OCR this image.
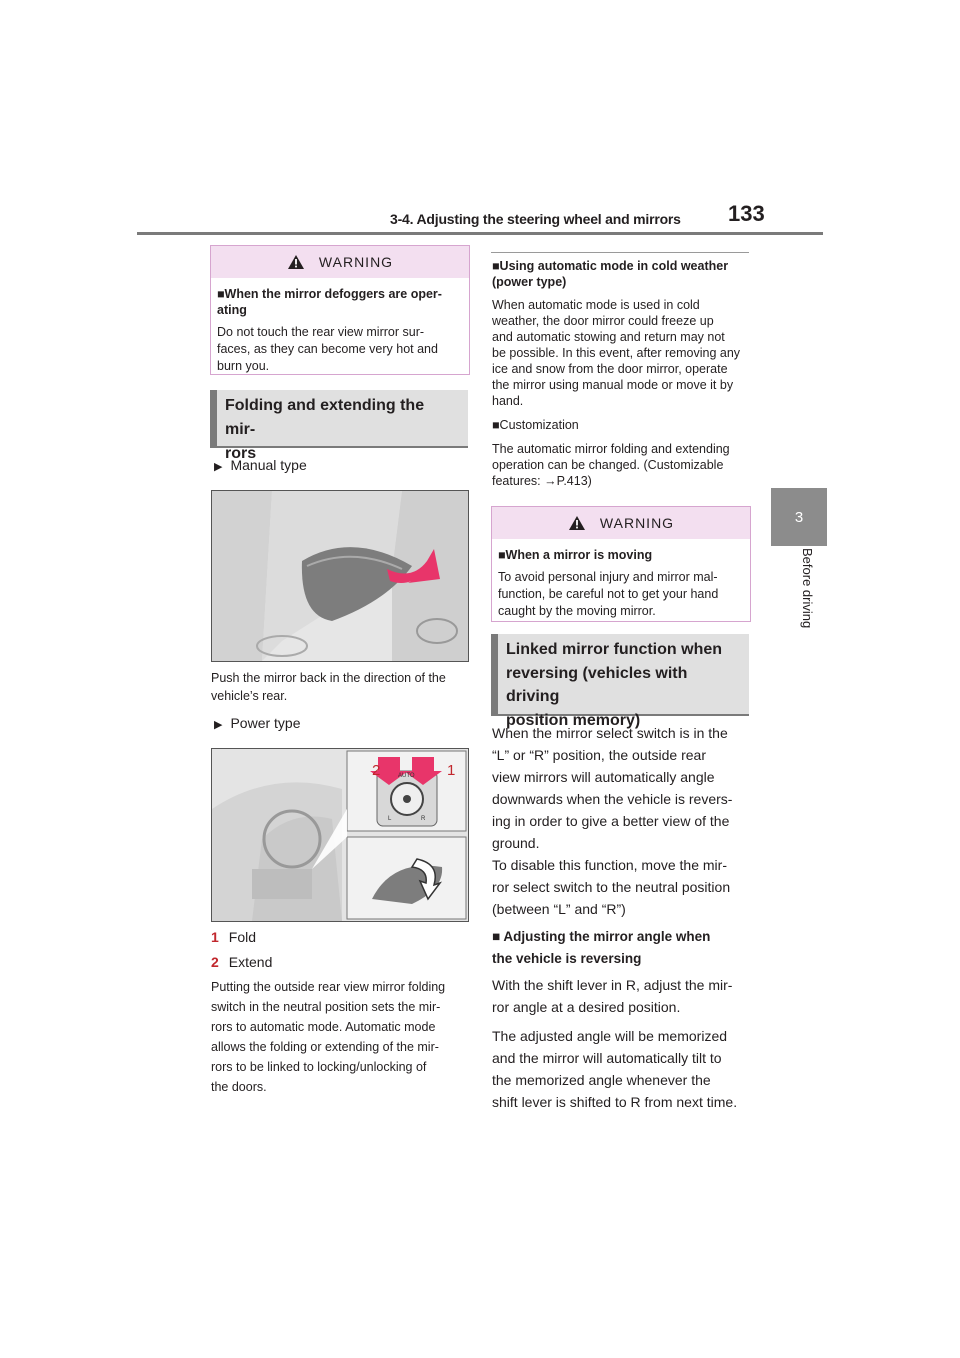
3-4. Adjusting the steering wheel and mirrors 133
3
Before driving
WARNING
■When the mirror defoggers are oper-
ating
Do not touch the rear view mirror sur-
faces, as they can become very hot and
burn you.
Folding and extending the mir-
rors
▶ Manual type
Push the mirror back in the direction of the
vehicle’s rear.
▶ Power type
2	1
AUTO
L	R
1 Fold
2 Extend
Putting the outside rear view mirror folding
switch in the neutral position sets the mir-
rors to automatic mode. Automatic mode
allows the folding or extending of the mir-
rors to be linked to locking/unlocking of
the doors.
■Using automatic mode in cold weather
(power type)
When automatic mode is used in cold
weather, the door mirror could freeze up
and automatic stowing and return may not
be possible. In this event, after removing any
ice and snow from the door mirror, operate
the mirror using manual mode or move it by
hand.
■Customization
The automatic mirror folding and extending
operation can be changed. (Customizable
features: →P.413)
WARNING
■When a mirror is moving
To avoid personal injury and mirror mal-
function, be careful not to get your hand
caught by the moving mirror.
Linked mirror function when
reversing (vehicles with driving
position memory)
When the mirror select switch is in the
“L” or “R” position, the outside rear
view mirrors will automatically angle
downwards when the vehicle is revers-
ing in order to give a better view of the
ground.
To disable this function, move the mir-
ror select switch to the neutral position
(between “L” and “R”)
■ Adjusting the mirror angle when
the vehicle is reversing
With the shift lever in R, adjust the mir-
ror angle at a desired position.
The adjusted angle will be memorized
and the mirror will automatically tilt to
the memorized angle whenever the
shift lever is shifted to R from next time.
